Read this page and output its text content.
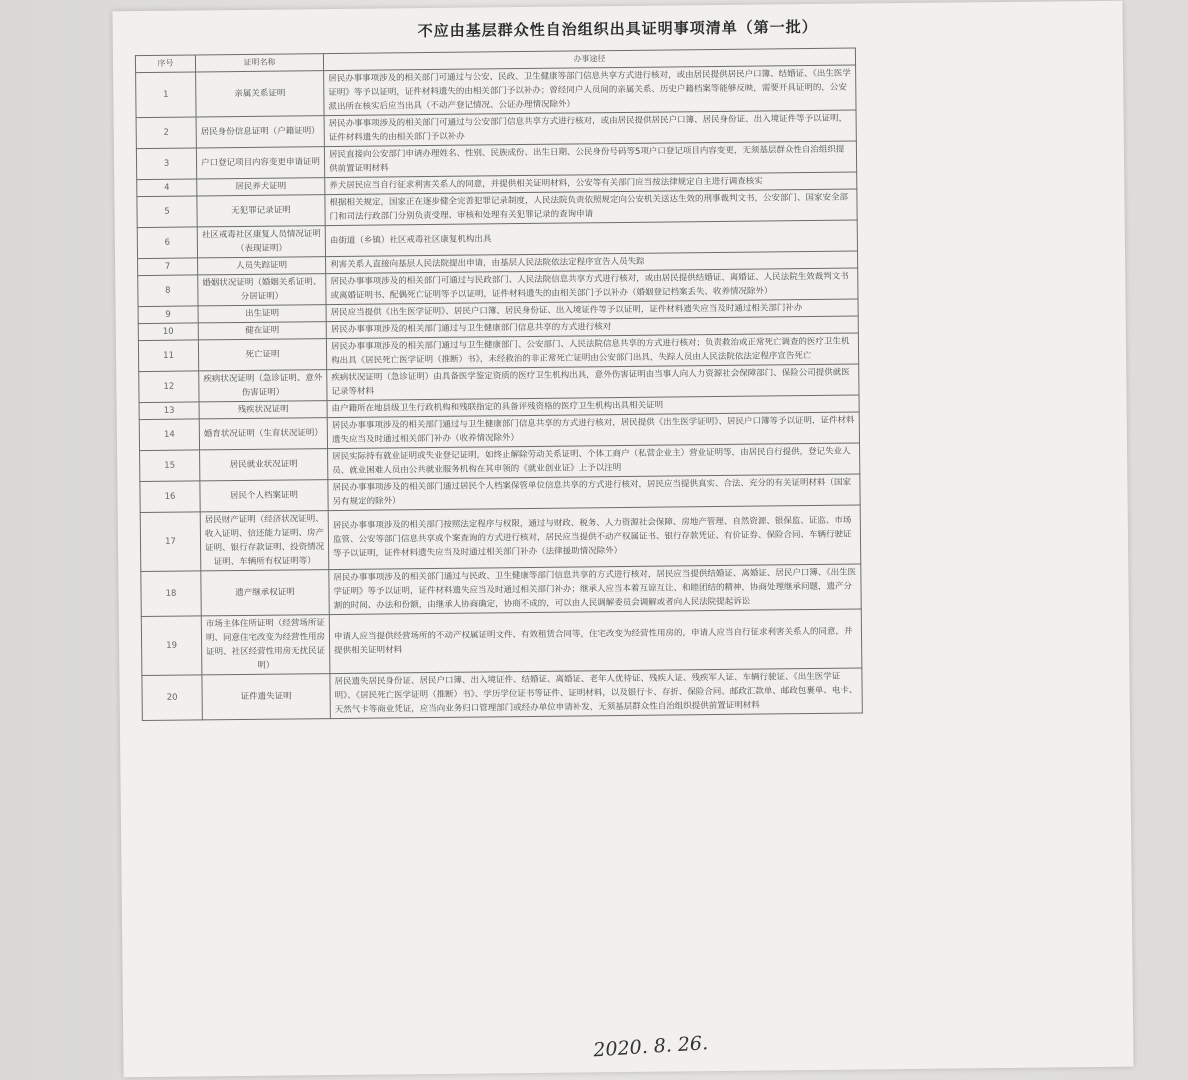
不应由基层群众性自治组织出具证明事项清单（第一批）
序号	证明名称	办事途径
1	亲属关系证明	居民办事事项涉及的相关部门可通过与公安、民政、卫生健康等部门信息共享方式进行核对，或由居民提供居民户口簿、结婚证、《出生医学证明》等予以证明，证件材料遗失的由相关部门予以补办；曾经同户人员间的亲属关系、历史户籍档案等能够反映，需要开具证明的，公安派出所在核实后应当出具（不动产登记情况、公证办理情况除外）
2	居民身份信息证明（户籍证明）	居民办事事项涉及的相关部门可通过与公安部门信息共享方式进行核对，或由居民提供居民户口簿、居民身份证、出入境证件等予以证明，证件材料遗失的由相关部门予以补办
3	户口登记项目内容变更申请证明	居民直接向公安部门申请办理姓名、性别、民族成份、出生日期、公民身份号码等5项户口登记项目内容变更，无须基层群众性自治组织提供前置证明材料
4	居民养犬证明	养犬居民应当自行征求利害关系人的同意，并提供相关证明材料，公安等有关部门应当按法律规定自主进行调查核实
5	无犯罪记录证明	根据相关规定，国家正在逐步健全完善犯罪记录制度，人民法院负责依照规定向公安机关送达生效的刑事裁判文书，公安部门、国家安全部门和司法行政部门分别负责受理、审核和处理有关犯罪记录的查询申请
6	社区戒毒社区康复人员情况证明（表现证明）	由街道（乡镇）社区戒毒社区康复机构出具
7	人员失踪证明	利害关系人直接向基层人民法院提出申请，由基层人民法院依法定程序宣告人员失踪
8	婚姻状况证明（婚姻关系证明、分居证明）	居民办事事项涉及的相关部门可通过与民政部门、人民法院信息共享方式进行核对，或由居民提供结婚证、离婚证、人民法院生效裁判文书或离婚证明书、配偶死亡证明等予以证明，证件材料遗失的由相关部门予以补办（婚姻登记档案丢失、收养情况除外）
9	出生证明	居民应当提供《出生医学证明》、居民户口簿、居民身份证、出入境证件等予以证明，证件材料遗失应当及时通过相关部门补办
10	健在证明	居民办事事项涉及的相关部门通过与卫生健康部门信息共享的方式进行核对
11	死亡证明	居民办事事项涉及的相关部门通过与卫生健康部门、公安部门、人民法院信息共享的方式进行核对；负责救治或正常死亡调查的医疗卫生机构出具《居民死亡医学证明（推断）书》，未经救治的非正常死亡证明由公安部门出具，失踪人员由人民法院依法定程序宣告死亡
12	疾病状况证明（急诊证明、意外伤害证明）	疾病状况证明（急诊证明）由具备医学鉴定资质的医疗卫生机构出具，意外伤害证明由当事人向人力资源社会保障部门、保险公司提供就医记录等材料
13	残疾状况证明	由户籍所在地县级卫生行政机构和残联指定的具备评残资格的医疗卫生机构出具相关证明
14	婚育状况证明（生育状况证明）	居民办事事项涉及的相关部门通过与卫生健康部门信息共享的方式进行核对，居民提供《出生医学证明》、居民户口簿等予以证明，证件材料遗失应当及时通过相关部门补办（收养情况除外）
15	居民就业状况证明	居民实际持有就业证明或失业登记证明，如终止解除劳动关系证明、个体工商户（私营企业主）营业证明等，由居民自行提供，登记失业人员、就业困难人员由公共就业服务机构在其申领的《就业创业证》上予以注明
16	居民个人档案证明	居民办事事项涉及的相关部门通过居民个人档案保管单位信息共享的方式进行核对，居民应当提供真实、合法、充分的有关证明材料（国家另有规定的除外）
17	居民财产证明（经济状况证明、收入证明、信还能力证明、房产证明、银行存款证明、投资情况证明、车辆所有权证明等）	居民办事事项涉及的相关部门按照法定程序与权限，通过与财政、税务、人力资源社会保障、房地产管理、自然资源、银保监、证监、市场监管、公安等部门信息共享或个案查询的方式进行核对，居民应当提供不动产权属证书、银行存款凭证、有价证券、保险合同、车辆行驶证等予以证明，证件材料遗失应当及时通过相关部门补办（法律援助情况除外）
18	遗产继承权证明	居民办事事项涉及的相关部门通过与民政、卫生健康等部门信息共享的方式进行核对，居民应当提供结婚证、离婚证、居民户口簿、《出生医学证明》等予以证明，证件材料遗失应当及时通过相关部门补办；继承人应当本着互谅互让、和睦团结的精神，协商处理继承问题，遗产分割的时间、办法和份额，由继承人协商确定，协商不成的，可以由人民调解委员会调解或者向人民法院提起诉讼
19	市场主体住所证明（经营场所证明、同意住宅改变为经营性用房证明、社区经营性用房无扰民证明）	申请人应当提供经营场所的不动产权属证明文件、有效租赁合同等，住宅改变为经营性用房的，申请人应当自行征求利害关系人的同意，并提供相关证明材料
20	证件遗失证明	居民遗失居民身份证、居民户口簿、出入境证件、结婚证、离婚证、老年人优待证、残疾人证、残疾军人证、车辆行驶证、《出生医学证明》、《居民死亡医学证明（推断）书》、学历学位证书等证件、证明材料，以及银行卡、存折、保险合同、邮政汇款单、邮政包裹单、电卡、天然气卡等商业凭证，应当向业务归口管理部门或经办单位申请补发，无须基层群众性自治组织提供前置证明材料
2020. 8. 26.
